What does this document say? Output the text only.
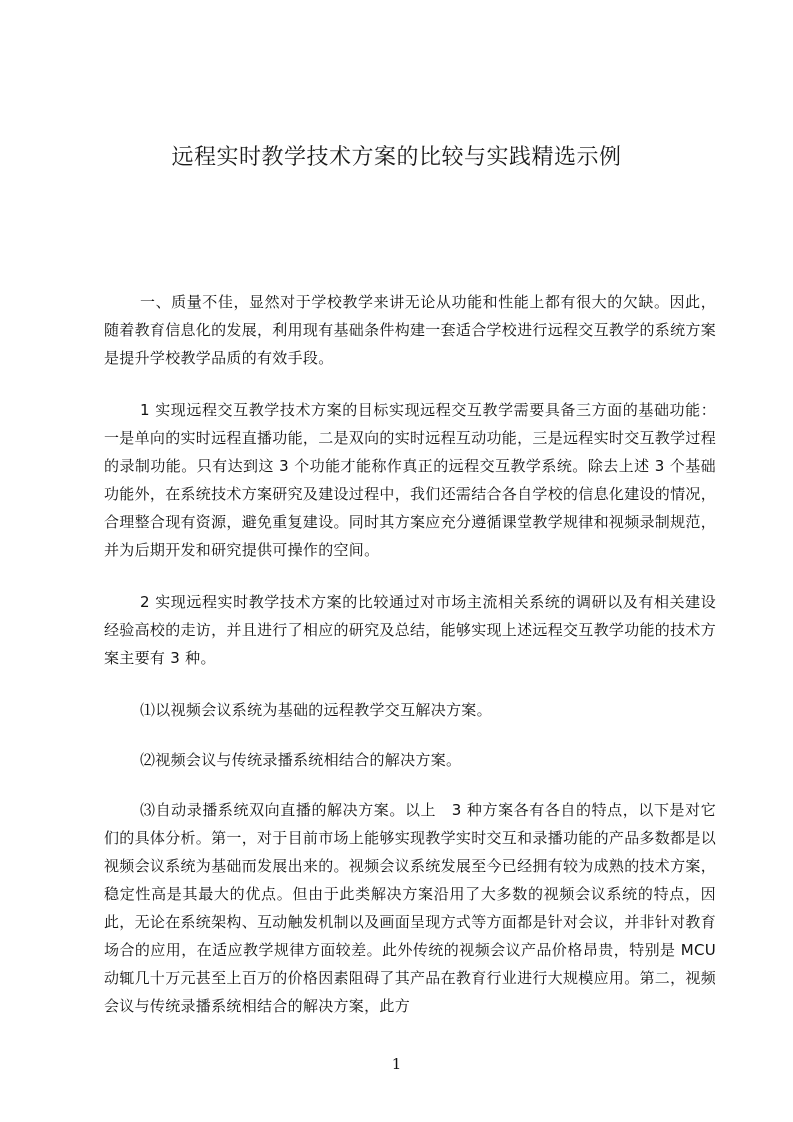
远程实时教学技术方案的比较与实践精选示例

一、质量不佳，显然对于学校教学来讲无论从功能和性能上都有很大的欠缺。因此，随着教育信息化的发展，利用现有基础条件构建一套适合学校进行远程交互教学的系统方案是提升学校教学品质的有效手段。

1 实现远程交互教学技术方案的目标实现远程交互教学需要具备三方面的基础功能：一是单向的实时远程直播功能，二是双向的实时远程互动功能，三是远程实时交互教学过程的录制功能。只有达到这 3 个功能才能称作真正的远程交互教学系统。除去上述 3 个基础功能外，在系统技术方案研究及建设过程中，我们还需结合各自学校的信息化建设的情况，合理整合现有资源，避免重复建设。同时其方案应充分遵循课堂教学规律和视频录制规范，并为后期开发和研究提供可操作的空间。

2 实现远程实时教学技术方案的比较通过对市场主流相关系统的调研以及有相关建设经验高校的走访，并且进行了相应的研究及总结，能够实现上述远程交互教学功能的技术方案主要有 3 种。

⑴以视频会议系统为基础的远程教学交互解决方案。

⑵视频会议与传统录播系统相结合的解决方案。

⑶自动录播系统双向直播的解决方案。以上　3 种方案各有各自的特点，以下是对它们的具体分析。第一，对于目前市场上能够实现教学实时交互和录播功能的产品多数都是以视频会议系统为基础而发展出来的。视频会议系统发展至今已经拥有较为成熟的技术方案，稳定性高是其最大的优点。但由于此类解决方案沿用了大多数的视频会议系统的特点，因此，无论在系统架构、互动触发机制以及画面呈现方式等方面都是针对会议，并非针对教育场合的应用，在适应教学规律方面较差。此外传统的视频会议产品价格昂贵，特别是 MCU 动辄几十万元甚至上百万的价格因素阻碍了其产品在教育行业进行大规模应用。第二，视频会议与传统录播系统相结合的解决方案，此方

1
